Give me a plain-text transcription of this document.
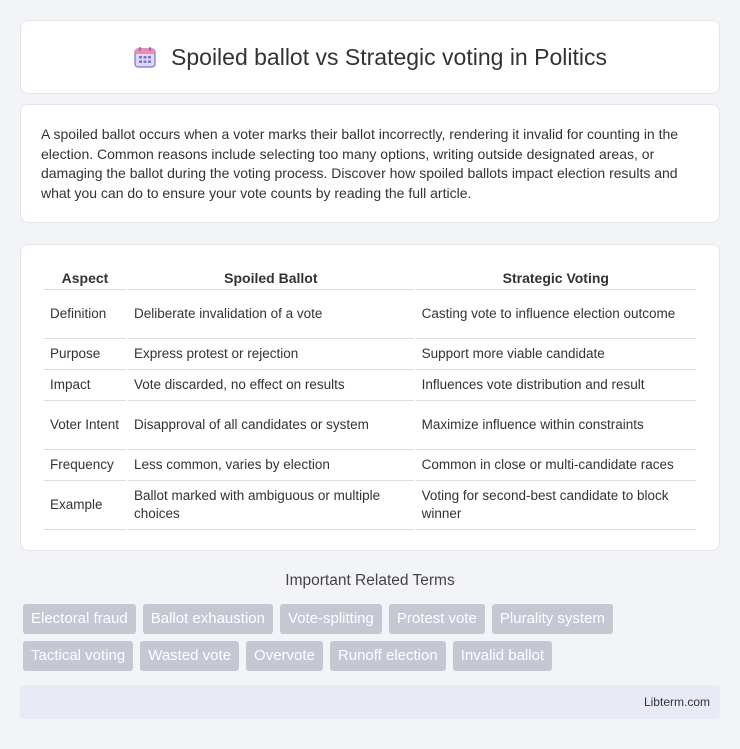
Spoiled ballot vs Strategic voting in Politics

A spoiled ballot occurs when a voter marks their ballot incorrectly, rendering it invalid for counting in the election. Common reasons include selecting too many options, writing outside designated areas, or damaging the ballot during the voting process. Discover how spoiled ballots impact election results and what you can do to ensure your vote counts by reading the full article.

Aspect	Spoiled Ballot	Strategic Voting
Definition	Deliberate invalidation of a vote	Casting vote to influence election outcome
Purpose	Express protest or rejection	Support more viable candidate
Impact	Vote discarded, no effect on results	Influences vote distribution and result
Voter Intent	Disapproval of all candidates or system	Maximize influence within constraints
Frequency	Less common, varies by election	Common in close or multi-candidate races
Example	Ballot marked with ambiguous or multiple choices	Voting for second-best candidate to block winner
Important Related Terms
Electoral fraud	Ballot exhaustion	Vote-splitting	Protest vote	Plurality system
Tactical voting	Wasted vote	Overvote	Runoff election	Invalid ballot
Libterm.com
